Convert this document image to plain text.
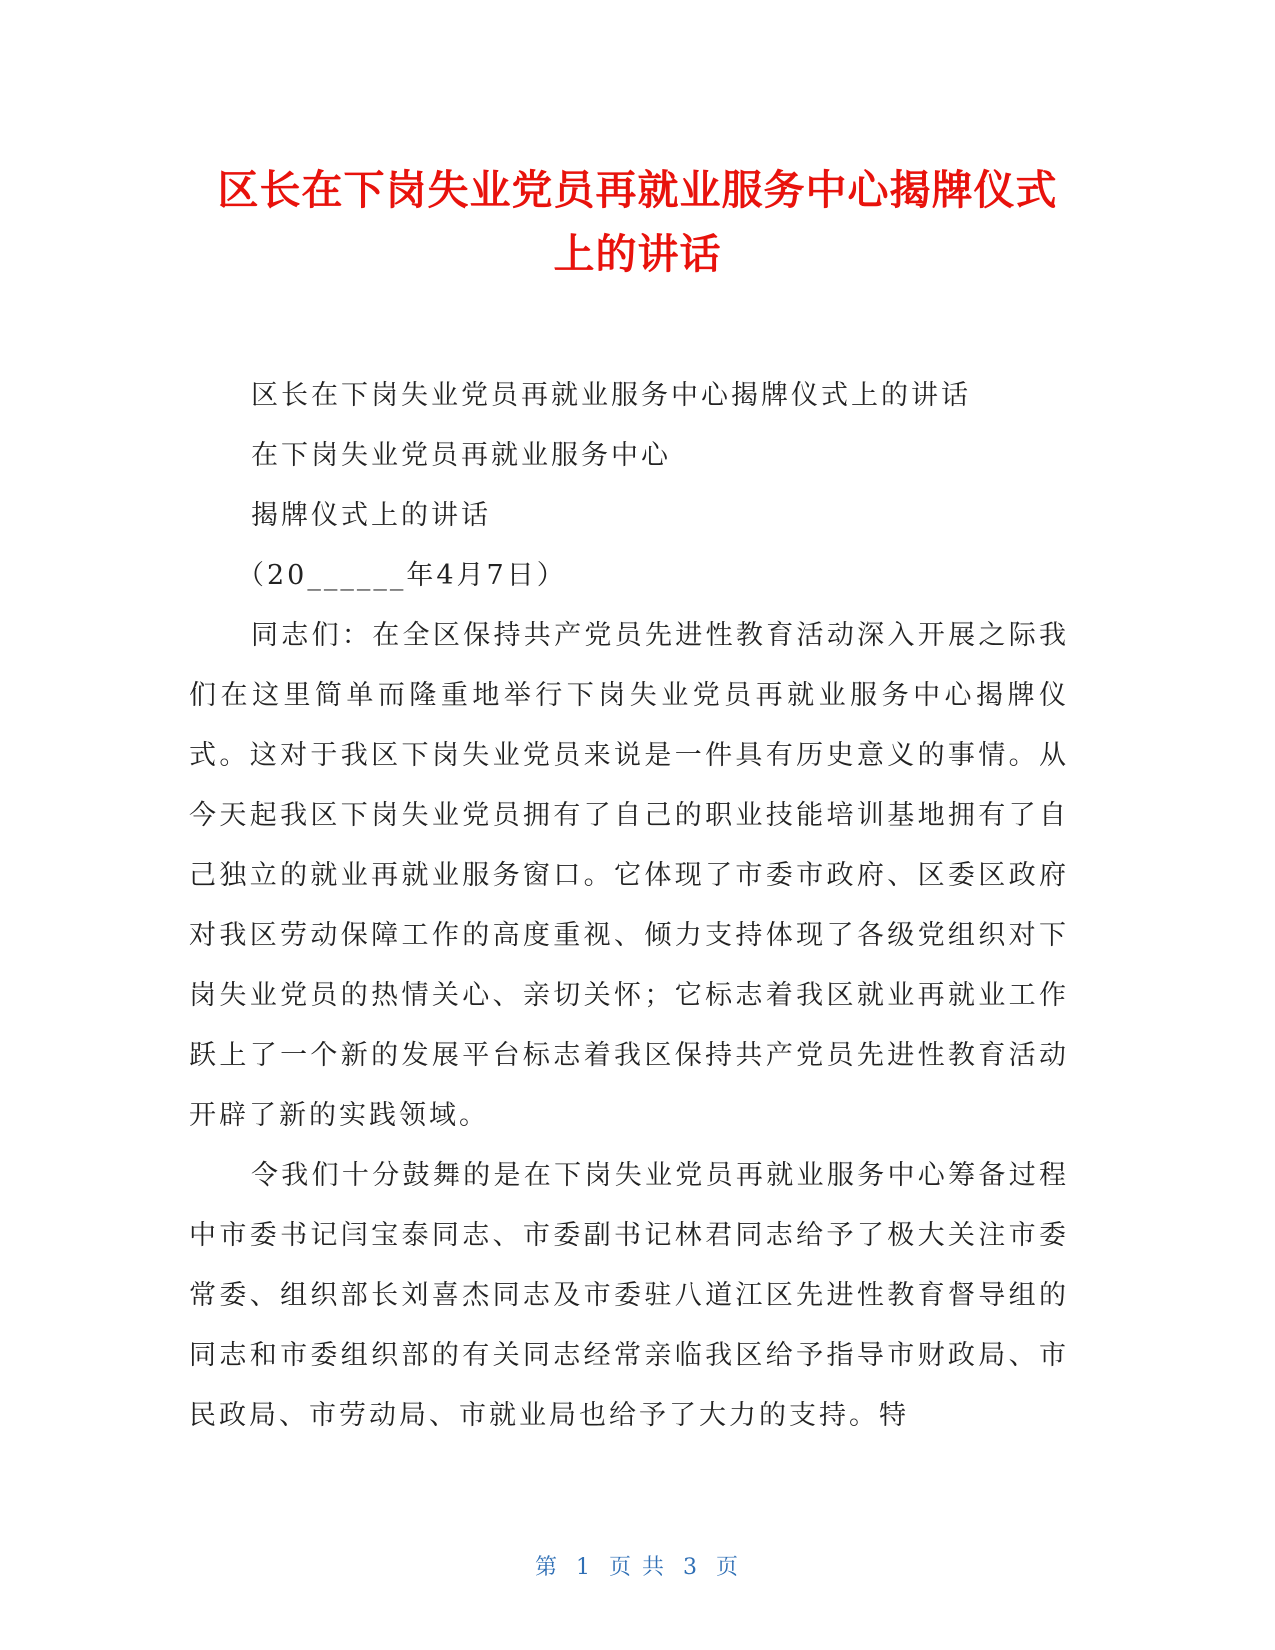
区长在下岗失业党员再就业服务中心揭牌仪式
上的讲话

区长在下岗失业党员再就业服务中心揭牌仪式上的讲话

在下岗失业党员再就业服务中心

揭牌仪式上的讲话

（20______年4月7日）

同志们：在全区保持共产党员先进性教育活动深入开展之际我们在这里简单而隆重地举行下岗失业党员再就业服务中心揭牌仪式。这对于我区下岗失业党员来说是一件具有历史意义的事情。从今天起我区下岗失业党员拥有了自己的职业技能培训基地拥有了自己独立的就业再就业服务窗口。它体现了市委市政府、区委区政府对我区劳动保障工作的高度重视、倾力支持体现了各级党组织对下岗失业党员的热情关心、亲切关怀；它标志着我区就业再就业工作跃上了一个新的发展平台标志着我区保持共产党员先进性教育活动开辟了新的实践领域。

令我们十分鼓舞的是在下岗失业党员再就业服务中心筹备过程中市委书记闫宝泰同志、市委副书记林君同志给予了极大关注市委常委、组织部长刘喜杰同志及市委驻八道江区先进性教育督导组的同志和市委组织部的有关同志经常亲临我区给予指导市财政局、市民政局、市劳动局、市就业局也给予了大力的支持。特

第 1 页 共 3 页
